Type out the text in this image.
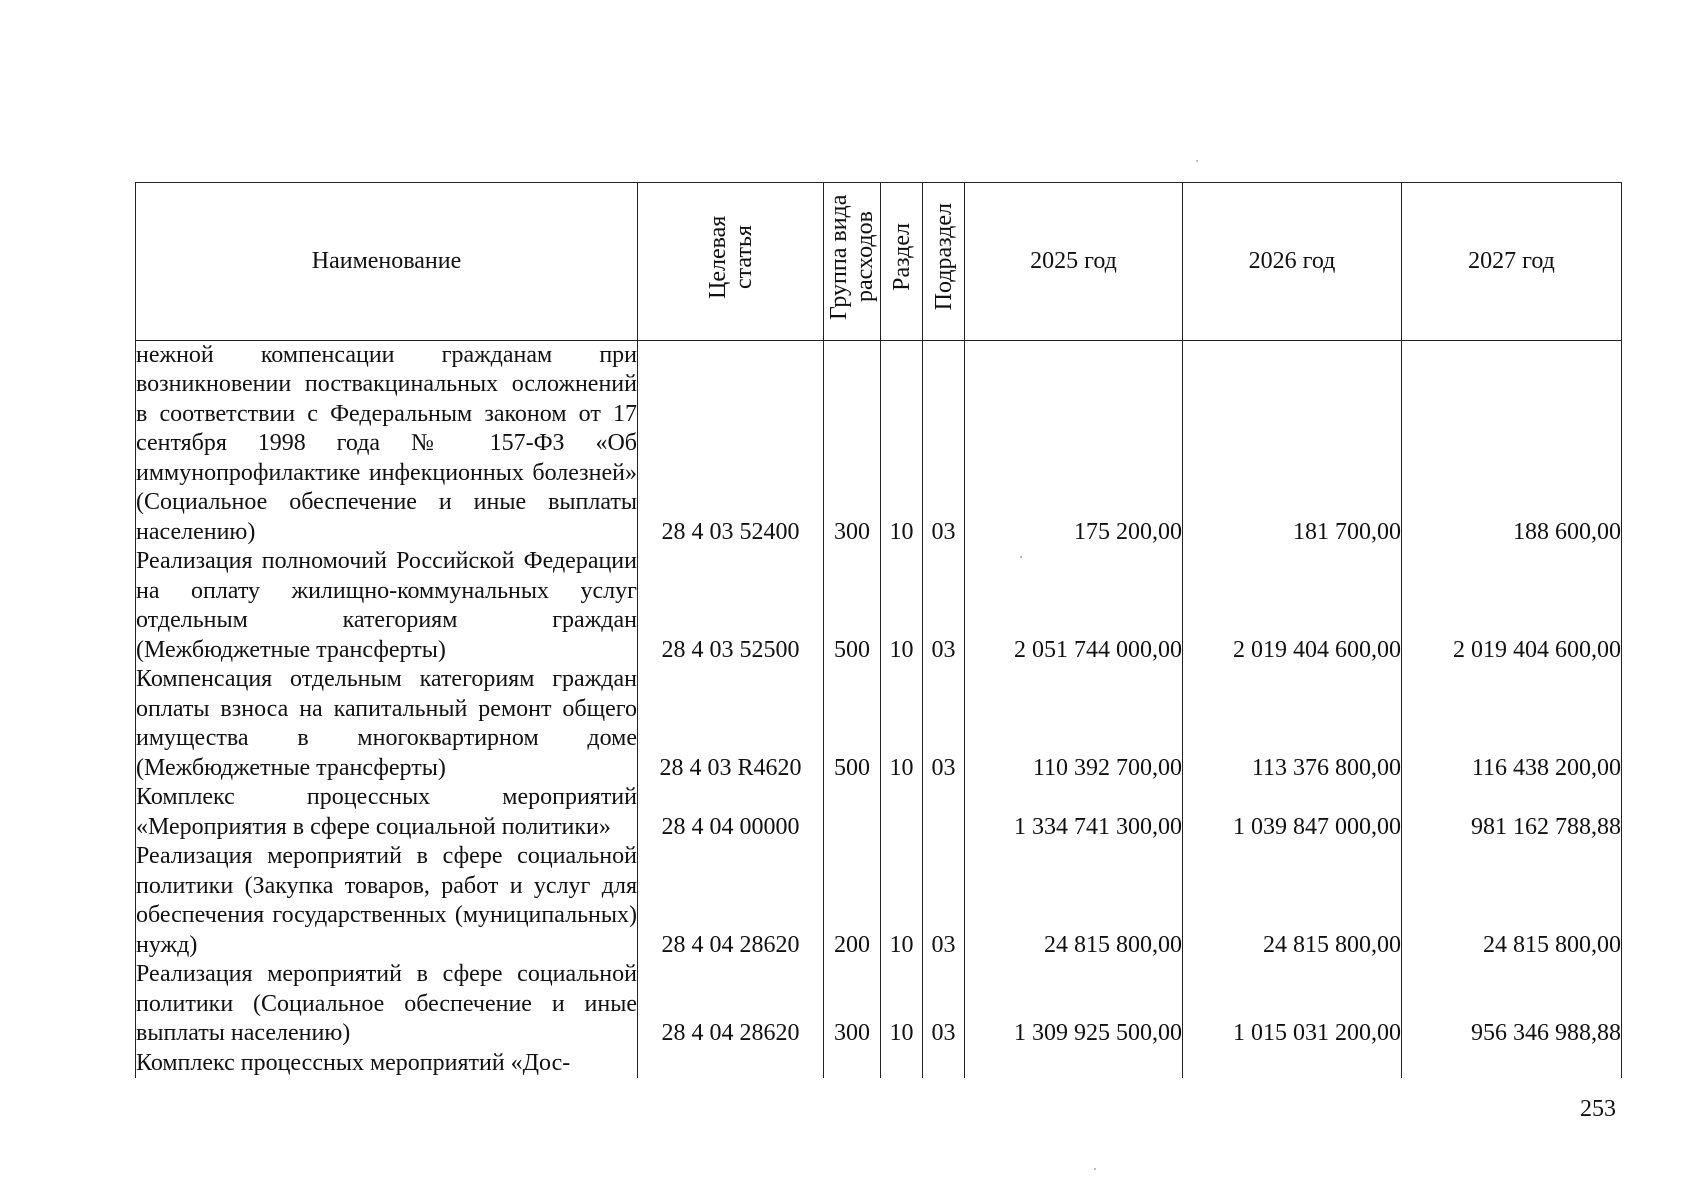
Наименование	Целевая статья	Группа вида расходов	Раздел	Подраздел	2025 год	2026 год	2027 год

нежной компенсации гражданам при возникновении поствакцинальных осложнений в соответствии с Федеральным законом от 17 сентября 1998 года № 157-ФЗ «Об иммунопрофилактике инфекционных болезней» (Социальное обеспечение и иные выплаты населению)	28 4 03 52400	300	10	03	175 200,00	181 700,00	188 600,00

Реализация полномочий Российской Федерации на оплату жилищно-коммунальных услуг отдельным категориям граждан (Межбюджетные трансферты)	28 4 03 52500	500	10	03	2 051 744 000,00	2 019 404 600,00	2 019 404 600,00

Компенсация отдельным категориям граждан оплаты взноса на капитальный ремонт общего имущества в многоквартирном доме (Межбюджетные трансферты)	28 4 03 R4620	500	10	03	110 392 700,00	113 376 800,00	116 438 200,00

Комплекс процессных мероприятий «Мероприятия в сфере социальной политики»	28 4 04 00000				1 334 741 300,00	1 039 847 000,00	981 162 788,88

Реализация мероприятий в сфере социальной политики (Закупка товаров, работ и услуг для обеспечения государственных (муниципальных) нужд)	28 4 04 28620	200	10	03	24 815 800,00	24 815 800,00	24 815 800,00

Реализация мероприятий в сфере социальной политики (Социальное обеспечение и иные выплаты населению)	28 4 04 28620	300	10	03	1 309 925 500,00	1 015 031 200,00	956 346 988,88

Комплекс процессных мероприятий «Дос-							

253
